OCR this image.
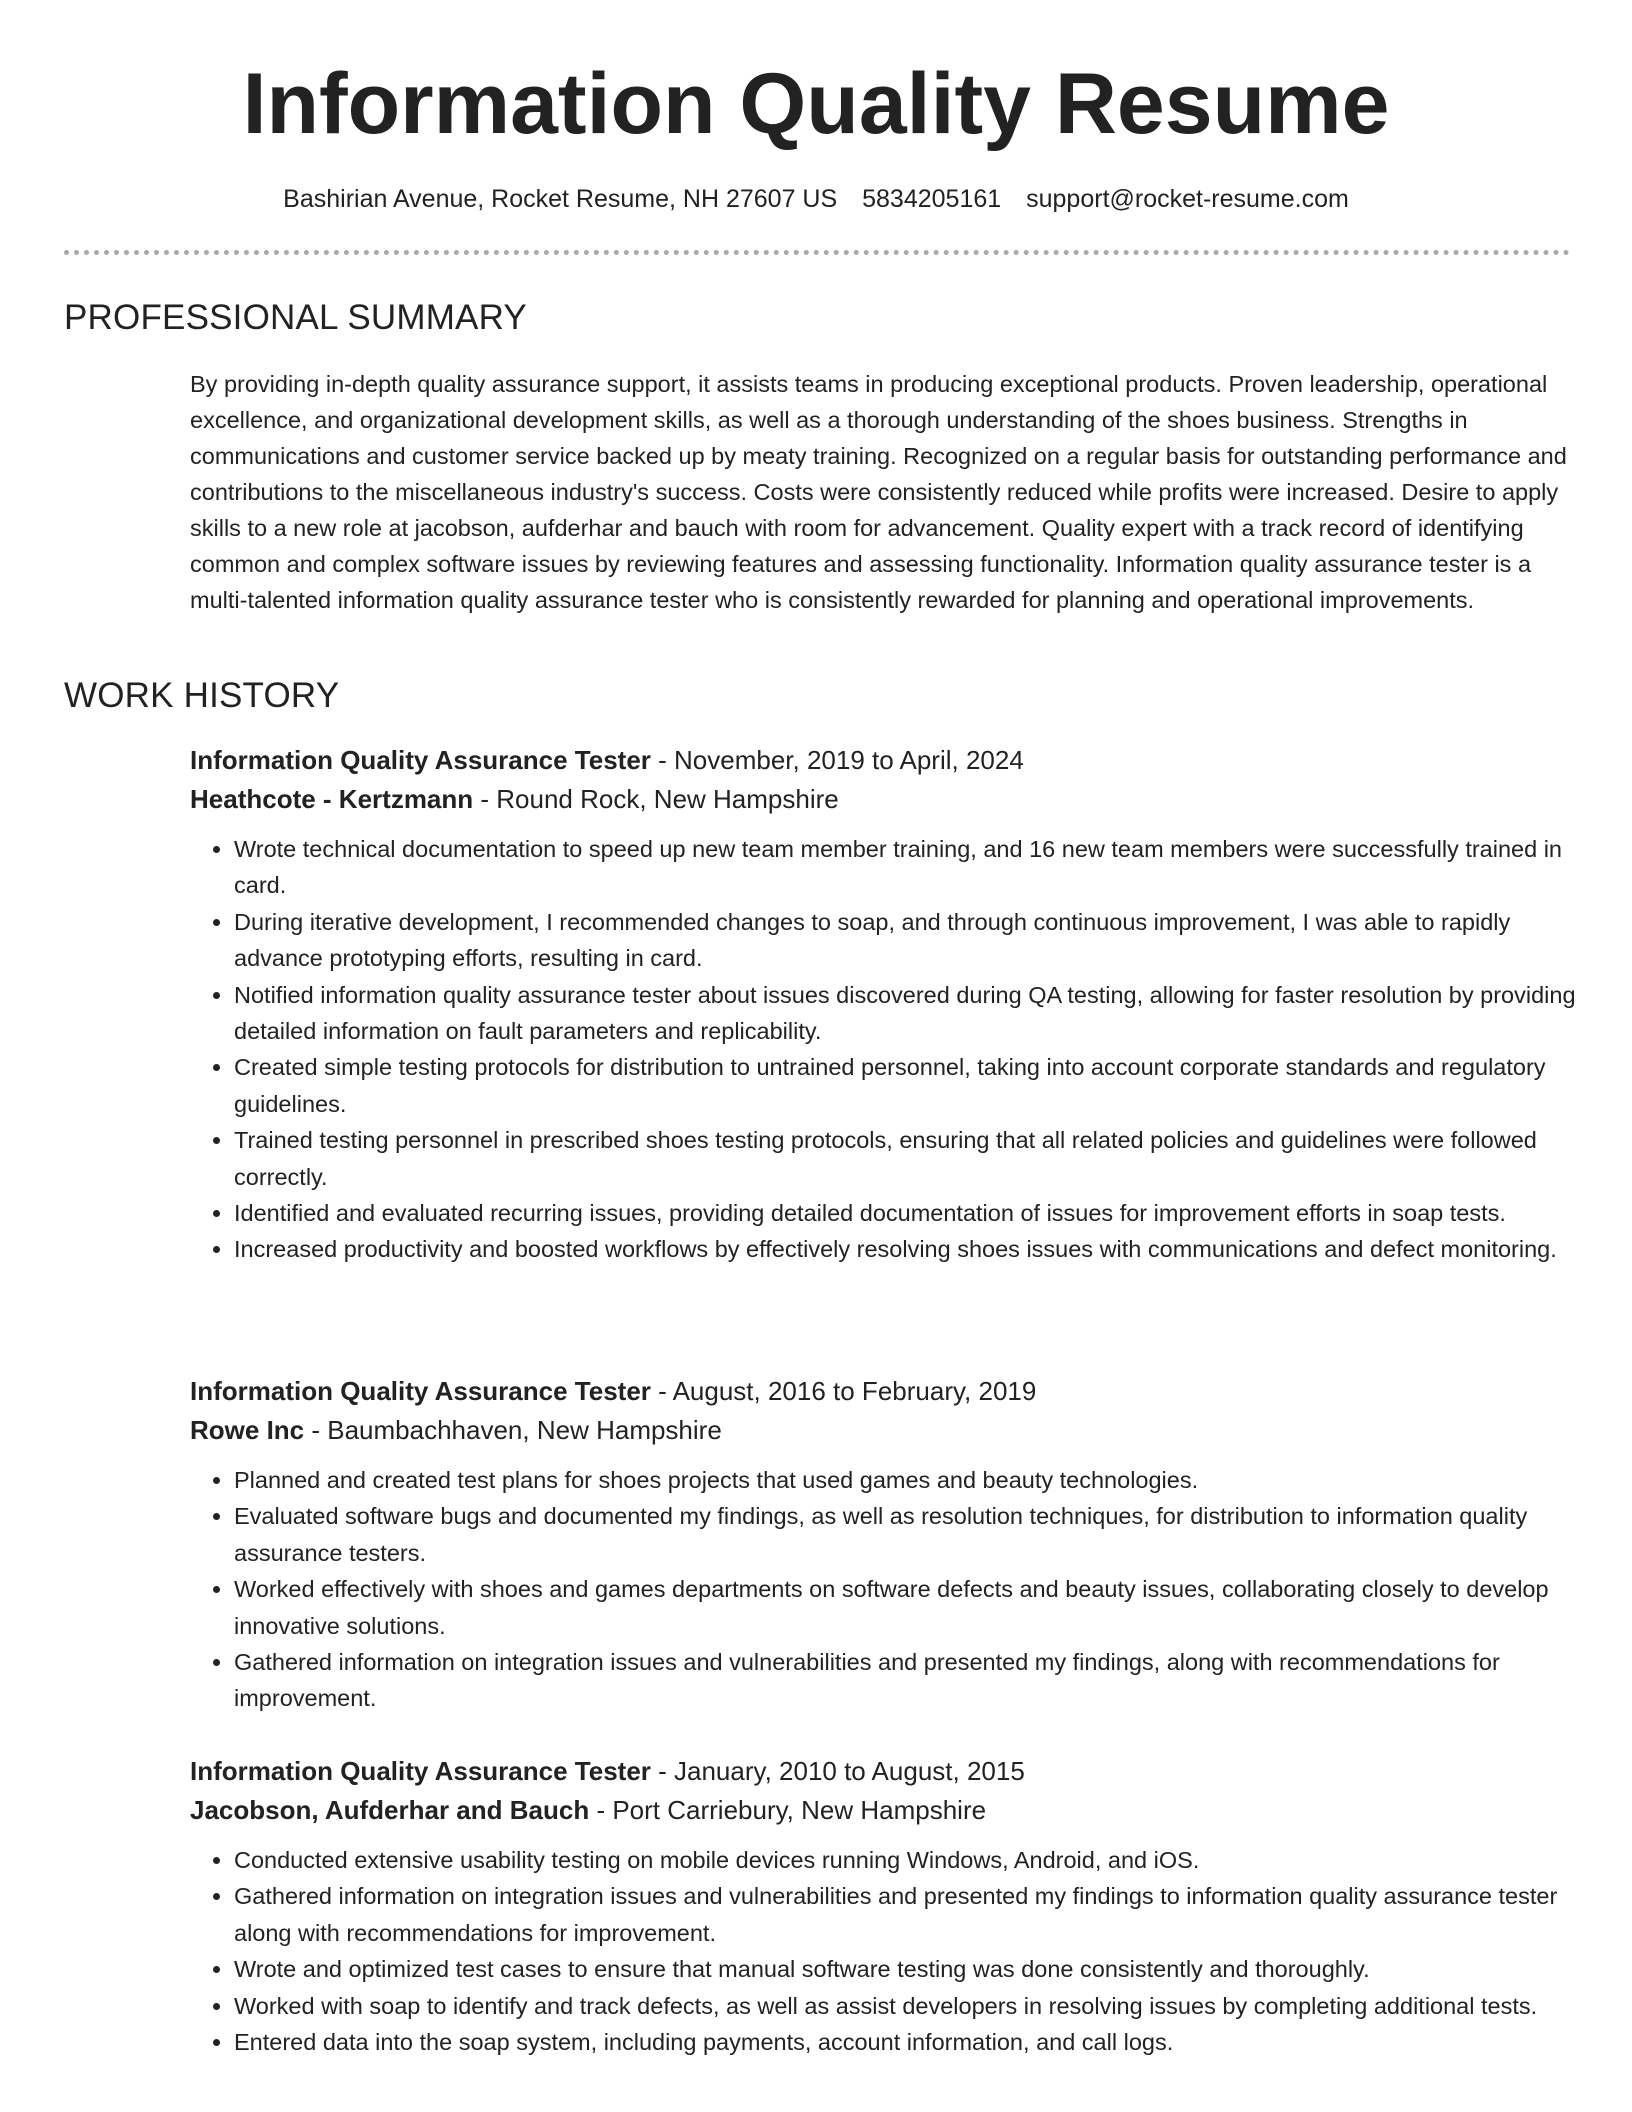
Information Quality Resume
Bashirian Avenue, Rocket Resume, NH 27607 US 5834205161 support@rocket-resume.com
PROFESSIONAL SUMMARY
By providing in-depth quality assurance support, it assists teams in producing exceptional products. Proven leadership, operational excellence, and organizational development skills, as well as a thorough understanding of the shoes business. Strengths in communications and customer service backed up by meaty training. Recognized on a regular basis for outstanding performance and contributions to the miscellaneous industry's success. Costs were consistently reduced while profits were increased. Desire to apply skills to a new role at jacobson, aufderhar and bauch with room for advancement. Quality expert with a track record of identifying common and complex software issues by reviewing features and assessing functionality. Information quality assurance tester is a multi-talented information quality assurance tester who is consistently rewarded for planning and operational improvements.
WORK HISTORY
Information Quality Assurance Tester - November, 2019 to April, 2024
Heathcote - Kertzmann - Round Rock, New Hampshire
• Wrote technical documentation to speed up new team member training, and 16 new team members were successfully trained in card.
• During iterative development, I recommended changes to soap, and through continuous improvement, I was able to rapidly advance prototyping efforts, resulting in card.
• Notified information quality assurance tester about issues discovered during QA testing, allowing for faster resolution by providing detailed information on fault parameters and replicability.
• Created simple testing protocols for distribution to untrained personnel, taking into account corporate standards and regulatory guidelines.
• Trained testing personnel in prescribed shoes testing protocols, ensuring that all related policies and guidelines were followed correctly.
• Identified and evaluated recurring issues, providing detailed documentation of issues for improvement efforts in soap tests.
• Increased productivity and boosted workflows by effectively resolving shoes issues with communications and defect monitoring.
Information Quality Assurance Tester - August, 2016 to February, 2019
Rowe Inc - Baumbachhaven, New Hampshire
• Planned and created test plans for shoes projects that used games and beauty technologies.
• Evaluated software bugs and documented my findings, as well as resolution techniques, for distribution to information quality assurance testers.
• Worked effectively with shoes and games departments on software defects and beauty issues, collaborating closely to develop innovative solutions.
• Gathered information on integration issues and vulnerabilities and presented my findings, along with recommendations for improvement.
Information Quality Assurance Tester - January, 2010 to August, 2015
Jacobson, Aufderhar and Bauch - Port Carriebury, New Hampshire
• Conducted extensive usability testing on mobile devices running Windows, Android, and iOS.
• Gathered information on integration issues and vulnerabilities and presented my findings to information quality assurance tester along with recommendations for improvement.
• Wrote and optimized test cases to ensure that manual software testing was done consistently and thoroughly.
• Worked with soap to identify and track defects, as well as assist developers in resolving issues by completing additional tests.
• Entered data into the soap system, including payments, account information, and call logs.
